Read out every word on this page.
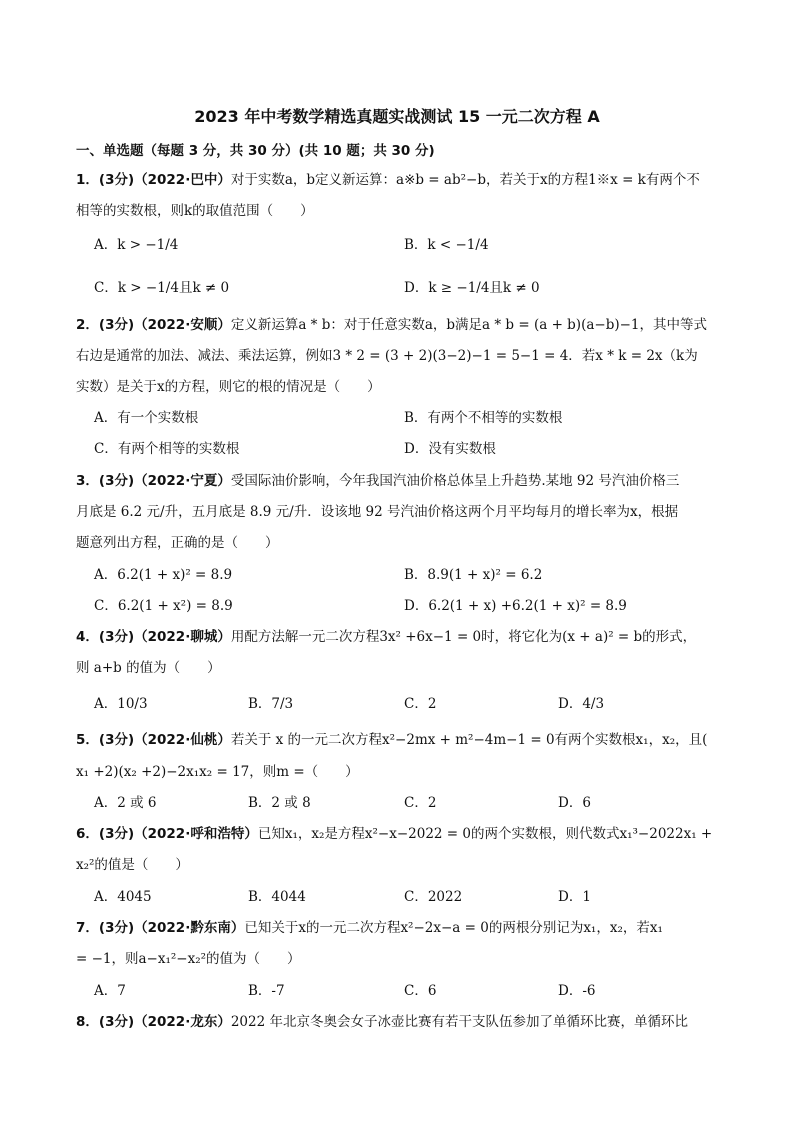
2023 年中考数学精选真题实战测试 15 一元二次方程 A
一、单选题（每题 3 分，共 30 分）(共 10 题；共 30 分)
1．(3分)（2022·巴中）对于实数a，b定义新运算：a※b = ab²−b，若关于x的方程1※x = k有两个不
相等的实数根，则k的取值范围（　　）
A．k > −1/4	B．k < −1/4
C．k > −1/4且k ≠ 0	D．k ≥ −1/4且k ≠ 0
2．(3分)（2022·安顺）定义新运算a * b：对于任意实数a，b满足a * b = (a + b)(a−b)−1，其中等式
右边是通常的加法、减法、乘法运算，例如3 * 2 = (3 + 2)(3−2)−1 = 5−1 = 4．若x * k = 2x（k为
实数）是关于x的方程，则它的根的情况是（　　）
A．有一个实数根	B．有两个不相等的实数根
C．有两个相等的实数根	D．没有实数根
3．(3分)（2022·宁夏）受国际油价影响，今年我国汽油价格总体呈上升趋势.某地 92 号汽油价格三
月底是 6.2 元/升，五月底是 8.9 元/升．设该地 92 号汽油价格这两个月平均每月的增长率为x，根据
题意列出方程，正确的是（　　）
A．6.2(1 + x)² = 8.9	B．8.9(1 + x)² = 6.2
C．6.2(1 + x²) = 8.9	D．6.2(1 + x) +6.2(1 + x)² = 8.9
4．(3分)（2022·聊城）用配方法解一元二次方程3x² +6x−1 = 0时，将它化为(x + a)² = b的形式，
则 a+b 的值为（　　）
A．10/3	B．7/3	C．2	D．4/3
5．(3分)（2022·仙桃）若关于 x 的一元二次方程x²−2mx + m²−4m−1 = 0有两个实数根x₁，x₂，且(
x₁ +2)(x₂ +2)−2x₁x₂ = 17，则m =（　　）
A．2 或 6	B．2 或 8	C．2	D．6
6．(3分)（2022·呼和浩特）已知x₁，x₂是方程x²−x−2022 = 0的两个实数根，则代数式x₁³−2022x₁ +
x₂²的值是（　　）
A．4045	B．4044	C．2022	D．1
7．(3分)（2022·黔东南）已知关于x的一元二次方程x²−2x−a = 0的两根分别记为x₁，x₂，若x₁
= −1，则a−x₁²−x₂²的值为（　　）
A．7	B．-7	C．6	D．-6
8．(3分)（2022·龙东）2022 年北京冬奥会女子冰壶比赛有若干支队伍参加了单循环比赛，单循环比
